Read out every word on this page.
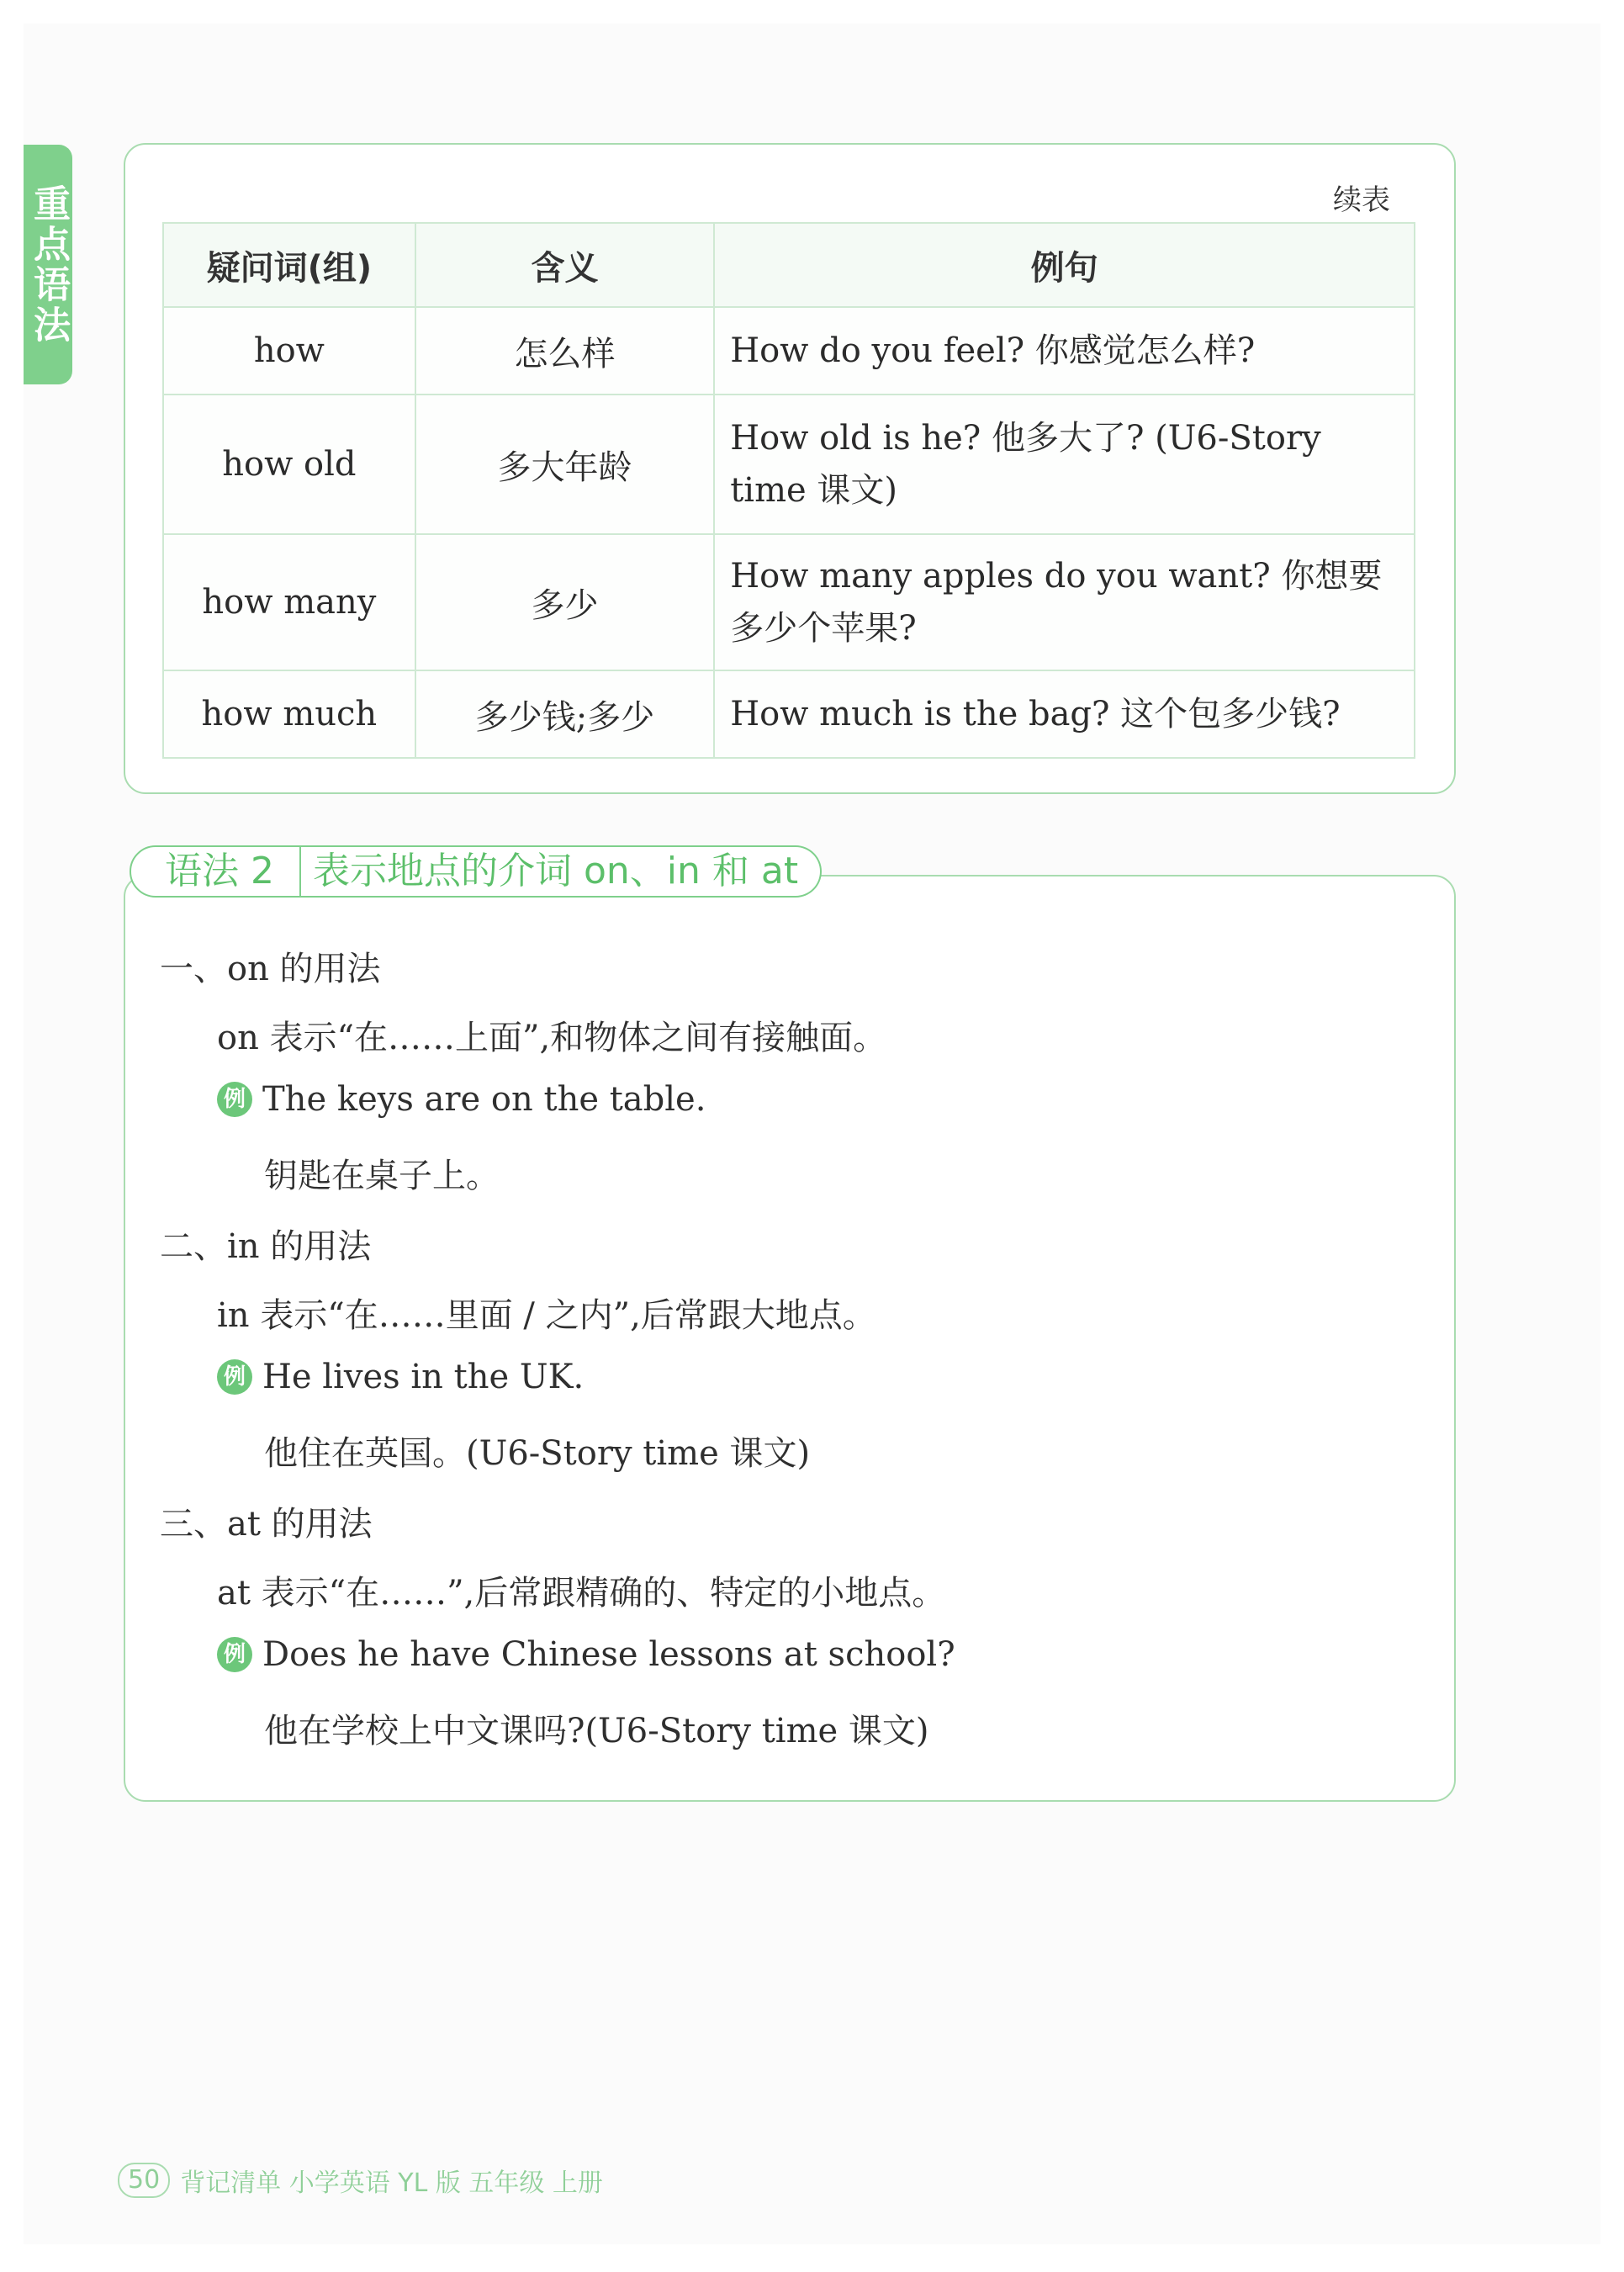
重点语法	续表
疑问词(组)	含义	例句
how	怎么样	How do you feel? 你感觉怎么样?
how old	多大年龄	How old is he? 他多大了? (U6-Story time 课文)
how many	多少	How many apples do you want? 你想要多少个苹果?
how much	多少钱;多少	How much is the bag? 这个包多少钱?
语法 2	表示地点的介词 on、in 和 at
一、on 的用法
on 表示“在……上面”,和物体之间有接触面。
例 The keys are on the table.
钥匙在桌子上。
二、in 的用法
in 表示“在……里面 / 之内”,后常跟大地点。
例 He lives in the UK.
他住在英国。(U6-Story time 课文)
三、at 的用法
at 表示“在……”,后常跟精确的、特定的小地点。
例 Does he have Chinese lessons at school?
他在学校上中文课吗?(U6-Story time 课文)
50 背记清单 小学英语 YL 版 五年级 上册
